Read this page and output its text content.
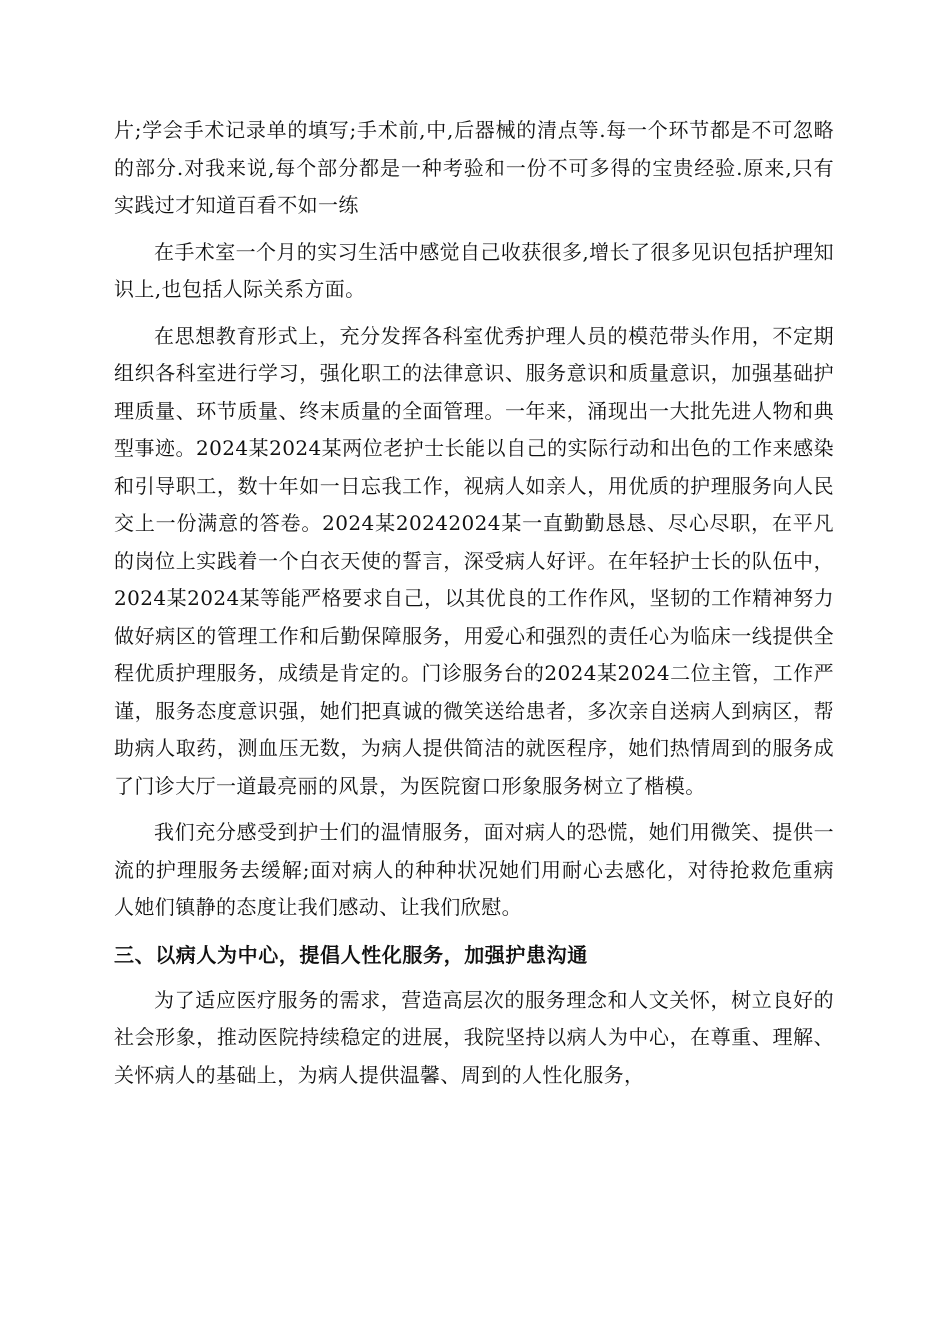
片;学会手术记录单的填写;手术前,中,后器械的清点等.每一个环节都是不可忽略的部分.对我来说,每个部分都是一种考验和一份不可多得的宝贵经验.原来,只有实践过才知道百看不如一练

在手术室一个月的实习生活中感觉自己收获很多,增长了很多见识包括护理知识上,也包括人际关系方面。

在思想教育形式上，充分发挥各科室优秀护理人员的模范带头作用，不定期组织各科室进行学习，强化职工的法律意识、服务意识和质量意识，加强基础护理质量、环节质量、终末质量的全面管理。一年来，涌现出一大批先进人物和典型事迹。2024某2024某两位老护士长能以自己的实际行动和出色的工作来感染和引导职工，数十年如一日忘我工作，视病人如亲人，用优质的护理服务向人民交上一份满意的答卷。2024某20242024某一直勤勤恳恳、尽心尽职，在平凡的岗位上实践着一个白衣天使的誓言，深受病人好评。在年轻护士长的队伍中，2024某2024某等能严格要求自己，以其优良的工作作风，坚韧的工作精神努力做好病区的管理工作和后勤保障服务，用爱心和强烈的责任心为临床一线提供全程优质护理服务，成绩是肯定的。门诊服务台的2024某2024二位主管，工作严谨，服务态度意识强，她们把真诚的微笑送给患者，多次亲自送病人到病区，帮助病人取药，测血压无数，为病人提供简洁的就医程序，她们热情周到的服务成了门诊大厅一道最亮丽的风景，为医院窗口形象服务树立了楷模。

我们充分感受到护士们的温情服务，面对病人的恐慌，她们用微笑、提供一流的护理服务去缓解;面对病人的种种状况她们用耐心去感化，对待抢救危重病人她们镇静的态度让我们感动、让我们欣慰。

三、以病人为中心，提倡人性化服务，加强护患沟通

为了适应医疗服务的需求，营造高层次的服务理念和人文关怀，树立良好的社会形象，推动医院持续稳定的进展，我院坚持以病人为中心，在尊重、理解、关怀病人的基础上，为病人提供温馨、周到的人性化服务，
